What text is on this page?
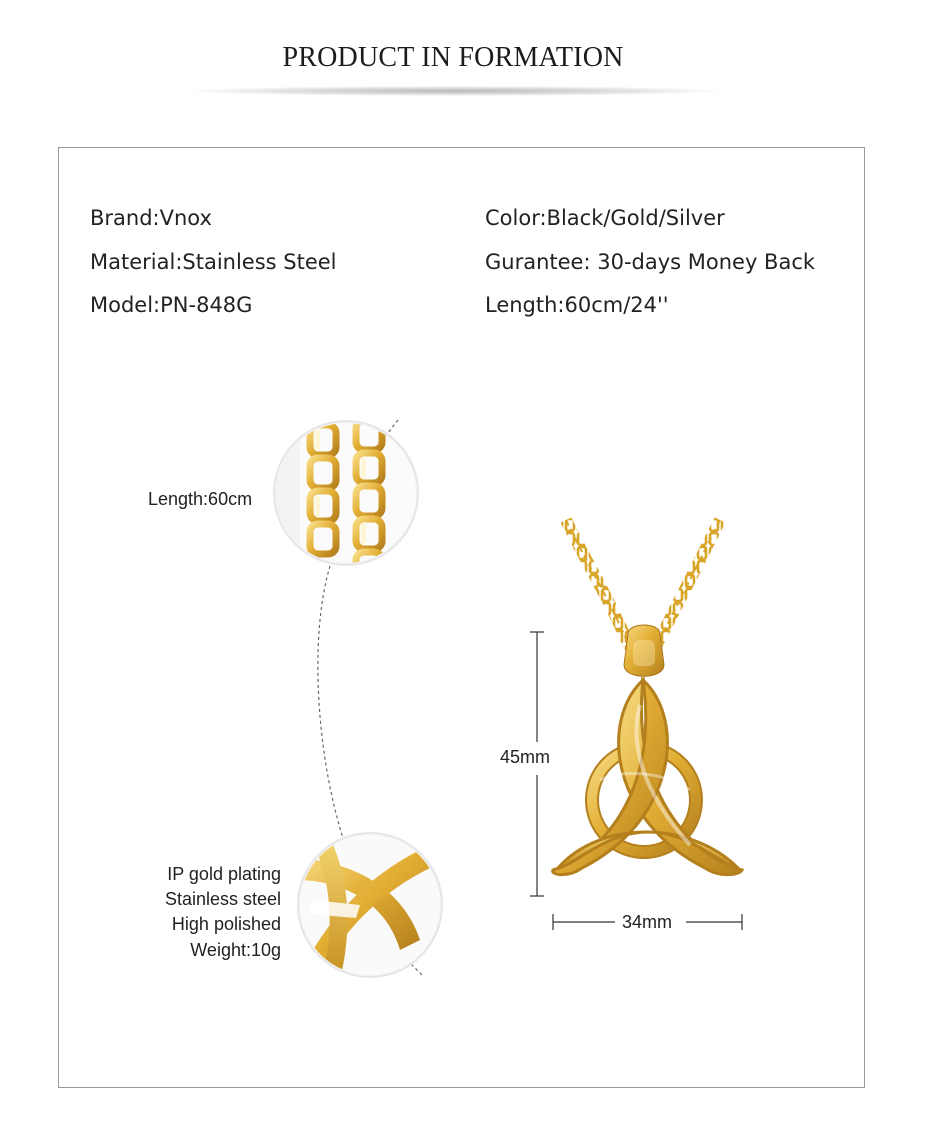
PRODUCT IN FORMATION
Brand:Vnox
Material:Stainless Steel
Model:PN-848G
Color:Black/Gold/Silver
Gurantee: 30-days Money Back
Length:60cm/24''
Length:60cm
45mm
34mm
IP gold plating
Stainless steel
High polished
Weight:10g
